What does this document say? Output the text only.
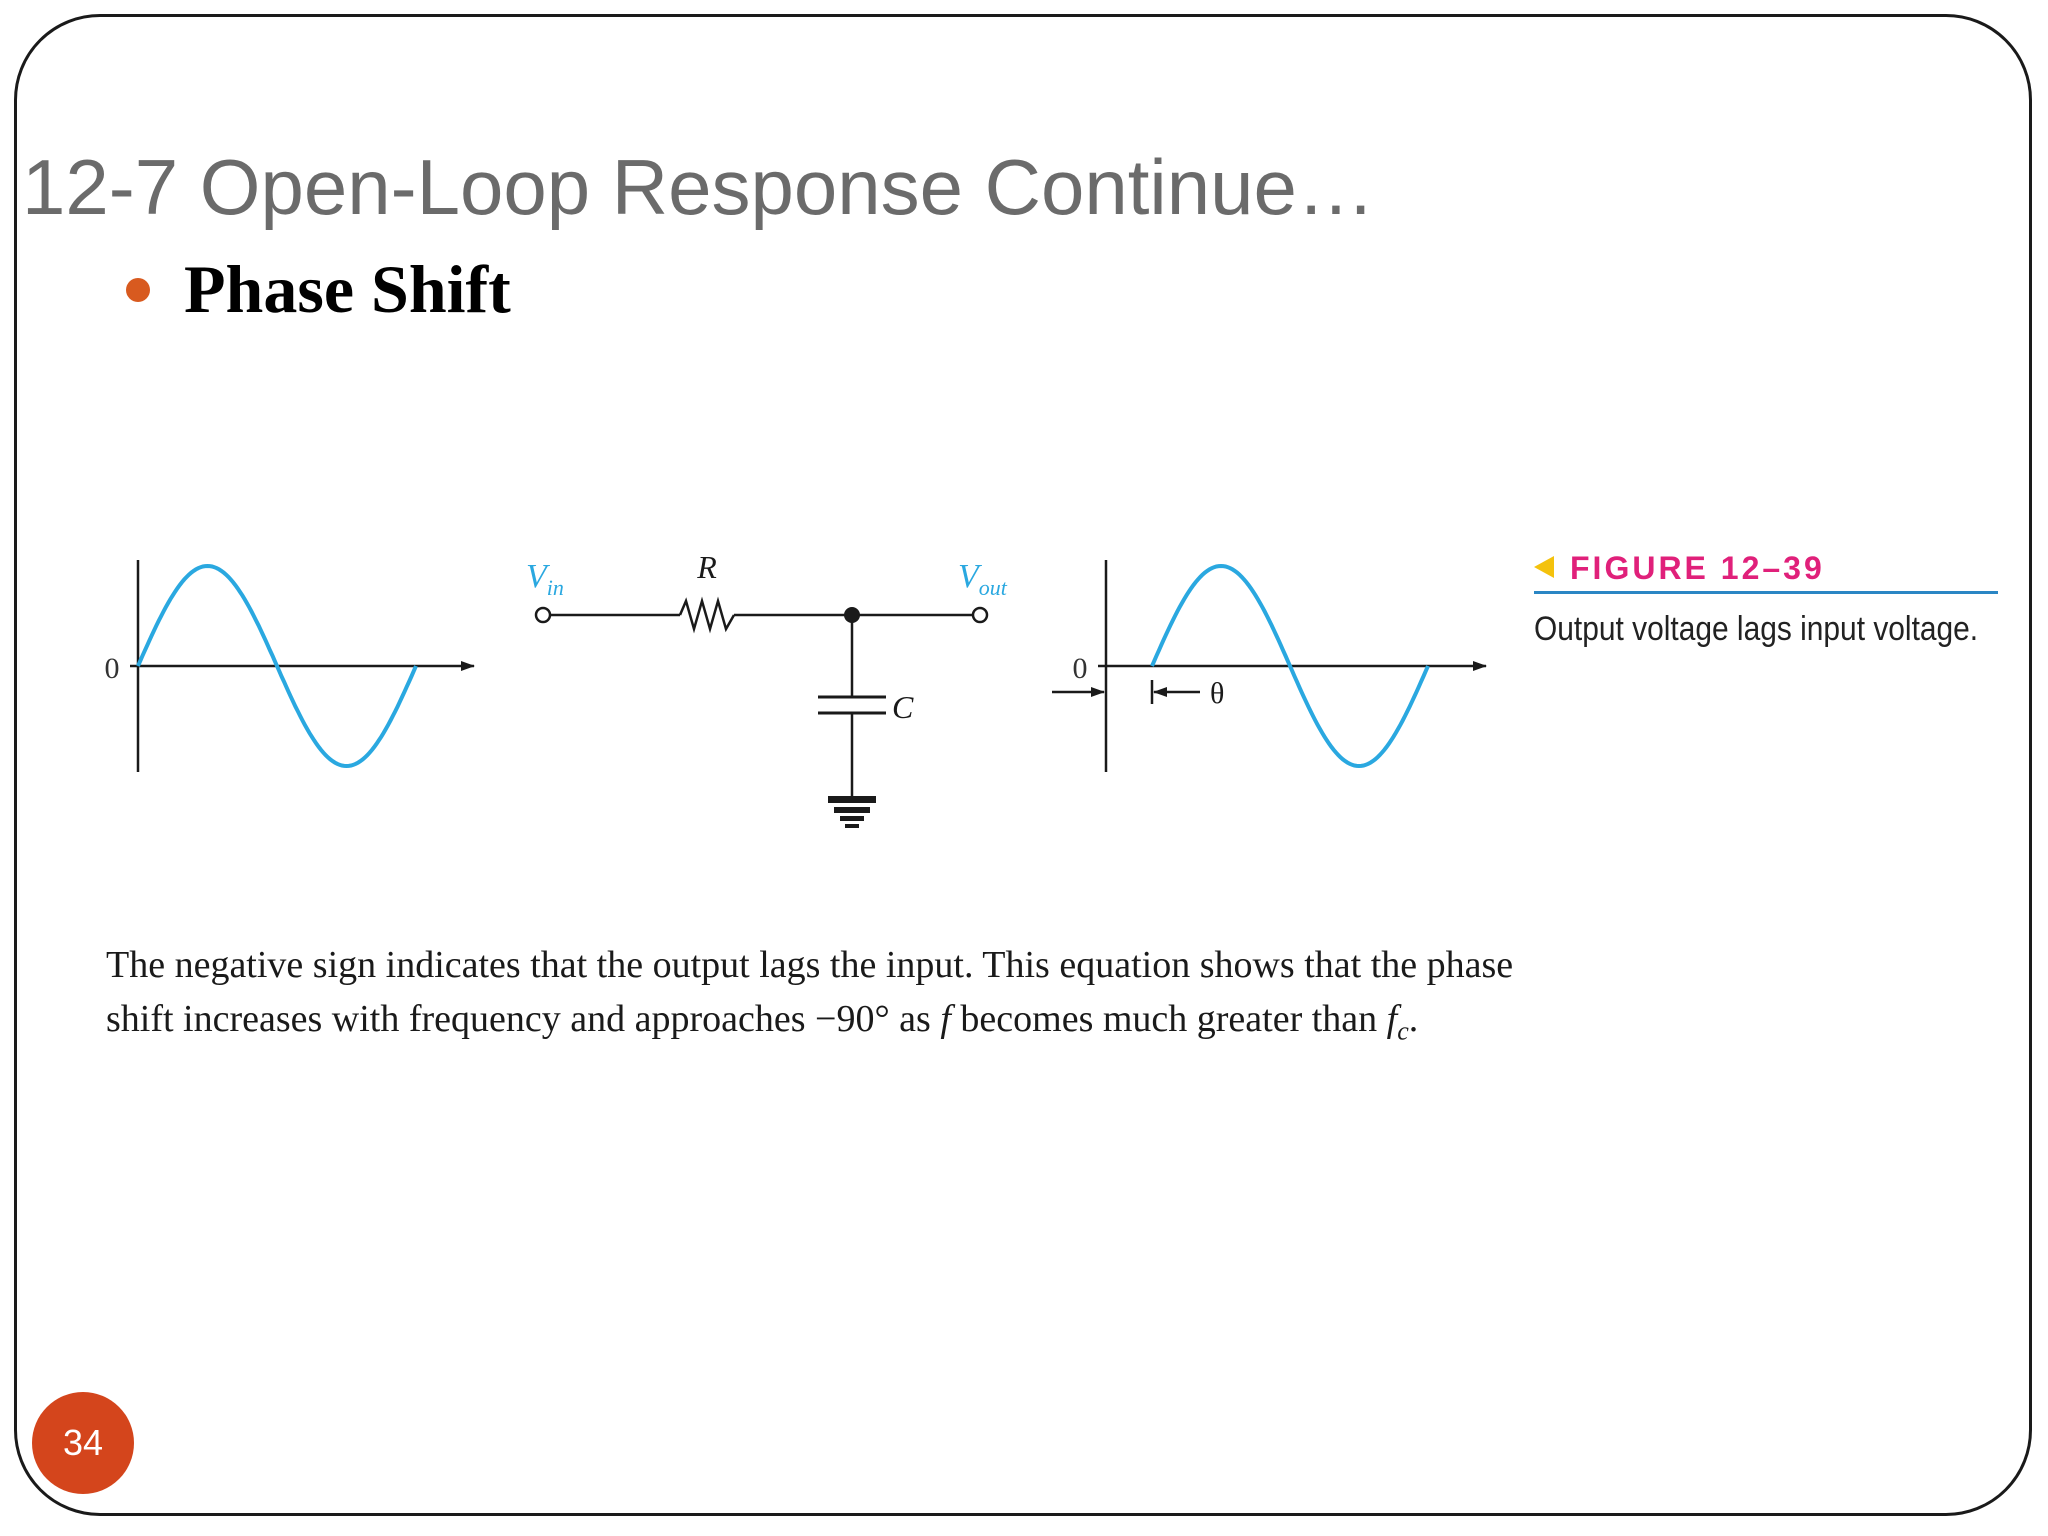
12-7 Open-Loop Response Continue…
Phase Shift
0
$V_{in}$
R	$V_{out}$
C
0
θ
FIGURE 12–39
Output voltage lags input voltage.
The negative sign indicates that the output lags the input. This equation shows that the phase
shift increases with frequency and approaches −90° as f becomes much greater than $f_c$.
34
